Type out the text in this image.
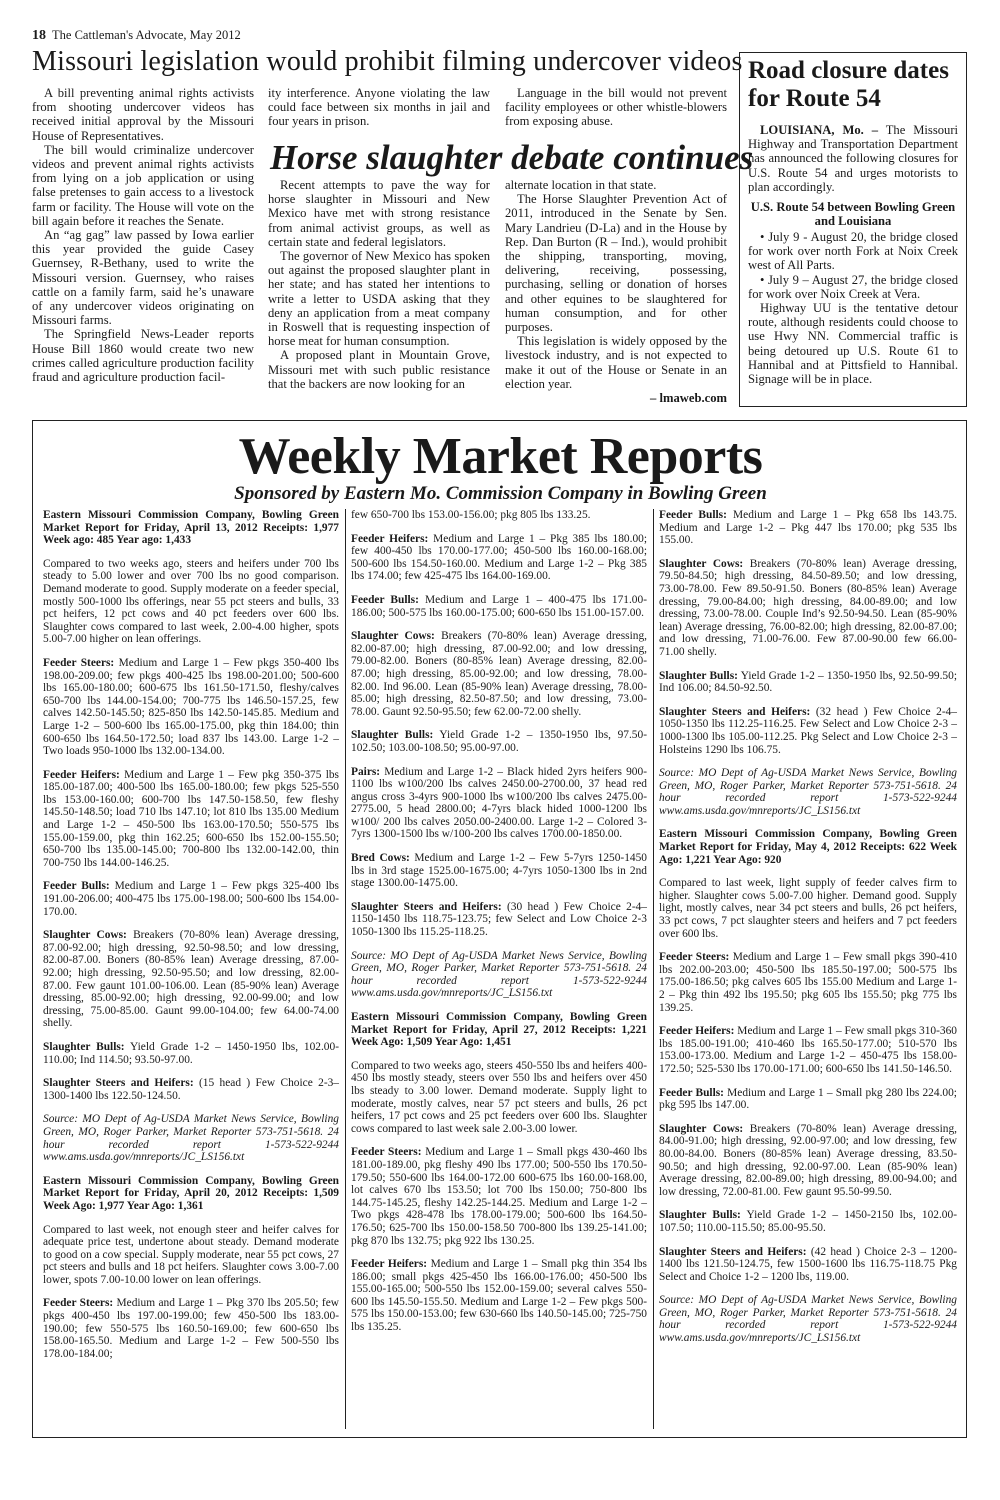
18 The Cattleman's Advocate, May 2012
Missouri legislation would prohibit filming undercover videos

A bill preventing animal rights activists from shooting undercover videos has received initial approval by the Missouri House of Representatives.

The bill would criminalize undercover videos and prevent animal rights activists from lying on a job application or using false pretenses to gain access to a livestock farm or facility. The House will vote on the bill again before it reaches the Senate.

An “ag gag” law passed by Iowa earlier this year provided the guide Casey Guernsey, R-Bethany, used to write the Missouri version. Guernsey, who raises cattle on a family farm, said he’s unaware of any undercover videos originating on Missouri farms.

The Springfield News-Leader reports House Bill 1860 would create two new crimes called agriculture production facility fraud and agriculture production facil-

ity interference. Anyone violating the law could face between six months in jail and four years in prison.

Language in the bill would not prevent facility employees or other whistle-blowers from exposing abuse.

Horse slaughter debate continues

Recent attempts to pave the way for horse slaughter in Missouri and New Mexico have met with strong resistance from animal activist groups, as well as certain state and federal legislators.

The governor of New Mexico has spoken out against the proposed slaughter plant in her state; and has stated her intentions to write a letter to USDA asking that they deny an application from a meat company in Roswell that is requesting inspection of horse meat for human consumption.

A proposed plant in Mountain Grove, Missouri met with such public resistance that the backers are now looking for an

alternate location in that state.

The Horse Slaughter Prevention Act of 2011, introduced in the Senate by Sen. Mary Landrieu (D-La) and in the House by Rep. Dan Burton (R – Ind.), would prohibit the shipping, transporting, moving, delivering, receiving, possessing, purchasing, selling or donation of horses and other equines to be slaughtered for human consumption, and for other purposes.

This legislation is widely opposed by the livestock industry, and is not expected to make it out of the House or Senate in an election year.

– lmaweb.com

Road closure dates for Route 54

LOUISIANA, Mo. – The Missouri Highway and Transportation Department has announced the following closures for U.S. Route 54 and urges motorists to plan accordingly.

U.S. Route 54 between Bowling Green and Louisiana

• July 9 - August 20, the bridge closed for work over north Fork at Noix Creek west of All Parts.

• July 9 – August 27, the bridge closed for work over Noix Creek at Vera.

Highway UU is the tentative detour route, although residents could choose to use Hwy NN. Commercial traffic is being detoured up U.S. Route 61 to Hannibal and at Pittsfield to Hannibal. Signage will be in place.

Weekly Market Reports
Sponsored by Eastern Mo. Commission Company in Bowling Green

Eastern Missouri Commission Company, Bowling Green Market Report for Friday, April 13, 2012 Receipts: 1,977 Week ago: 485 Year ago: 1,433

Compared to two weeks ago, steers and heifers under 700 lbs steady to 5.00 lower and over 700 lbs no good comparison. Demand moderate to good. Supply moderate on a feeder special, mostly 500-1000 lbs offerings, near 55 pct steers and bulls, 33 pct heifers, 12 pct cows and 40 pct feeders over 600 lbs. Slaughter cows compared to last week, 2.00-4.00 higher, spots 5.00-7.00 higher on lean offerings.

Feeder Steers: Medium and Large 1 – Few pkgs 350-400 lbs 198.00-209.00; few pkgs 400-425 lbs 198.00-201.00; 500-600 lbs 165.00-180.00; 600-675 lbs 161.50-171.50, fleshy/calves 650-700 lbs 144.00-154.00; 700-775 lbs 146.50-157.25, few calves 142.50-145.50; 825-850 lbs 142.50-145.85. Medium and Large 1-2 – 500-600 lbs 165.00-175.00, pkg thin 184.00; thin 600-650 lbs 164.50-172.50; load 837 lbs 143.00. Large 1-2 – Two loads 950-1000 lbs 132.00-134.00.

Feeder Heifers: Medium and Large 1 – Few pkg 350-375 lbs 185.00-187.00; 400-500 lbs 165.00-180.00; few pkgs 525-550 lbs 153.00-160.00; 600-700 lbs 147.50-158.50, few fleshy 145.50-148.50; load 710 lbs 147.10; lot 810 lbs 135.00 Medium and Large 1-2 – 450-500 lbs 163.00-170.50; 550-575 lbs 155.00-159.00, pkg thin 162.25; 600-650 lbs 152.00-155.50; 650-700 lbs 135.00-145.00; 700-800 lbs 132.00-142.00, thin 700-750 lbs 144.00-146.25.

Feeder Bulls: Medium and Large 1 – Few pkgs 325-400 lbs 191.00-206.00; 400-475 lbs 175.00-198.00; 500-600 lbs 154.00-170.00.

Slaughter Cows: Breakers (70-80% lean) Average dressing, 87.00-92.00; high dressing, 92.50-98.50; and low dressing, 82.00-87.00. Boners (80-85% lean) Average dressing, 87.00-92.00; high dressing, 92.50-95.50; and low dressing, 82.00-87.00. Few gaunt 101.00-106.00. Lean (85-90% lean) Average dressing, 85.00-92.00; high dressing, 92.00-99.00; and low dressing, 75.00-85.00. Gaunt 99.00-104.00; few 64.00-74.00 shelly.

Slaughter Bulls: Yield Grade 1-2 – 1450-1950 lbs, 102.00-110.00; Ind 114.50; 93.50-97.00.

Slaughter Steers and Heifers: (15 head ) Few Choice 2-3– 1300-1400 lbs 122.50-124.50.

Source: MO Dept of Ag-USDA Market News Service, Bowling Green, MO, Roger Parker, Market Reporter 573-751-5618. 24 hour recorded report 1-573-522-9244 www.ams.usda.gov/mnreports/JC_LS156.txt

Eastern Missouri Commission Company, Bowling Green Market Report for Friday, April 20, 2012 Receipts: 1,509 Week Ago: 1,977 Year Ago: 1,361

Compared to last week, not enough steer and heifer calves for adequate price test, undertone about steady. Demand moderate to good on a cow special. Supply moderate, near 55 pct cows, 27 pct steers and bulls and 18 pct heifers. Slaughter cows 3.00-7.00 lower, spots 7.00-10.00 lower on lean offerings.

Feeder Steers: Medium and Large 1 – Pkg 370 lbs 205.50; few pkgs 400-450 lbs 197.00-199.00; few 450-500 lbs 183.00-190.00; few 550-575 lbs 160.50-169.00; few 600-650 lbs 158.00-165.50. Medium and Large 1-2 – Few 500-550 lbs 178.00-184.00;

few 650-700 lbs 153.00-156.00; pkg 805 lbs 133.25.

Feeder Heifers: Medium and Large 1 – Pkg 385 lbs 180.00; few 400-450 lbs 170.00-177.00; 450-500 lbs 160.00-168.00; 500-600 lbs 154.50-160.00. Medium and Large 1-2 – Pkg 385 lbs 174.00; few 425-475 lbs 164.00-169.00.

Feeder Bulls: Medium and Large 1 – 400-475 lbs 171.00-186.00; 500-575 lbs 160.00-175.00; 600-650 lbs 151.00-157.00.

Slaughter Cows: Breakers (70-80% lean) Average dressing, 82.00-87.00; high dressing, 87.00-92.00; and low dressing, 79.00-82.00. Boners (80-85% lean) Average dressing, 82.00-87.00; high dressing, 85.00-92.00; and low dressing, 78.00-82.00. Ind 96.00. Lean (85-90% lean) Average dressing, 78.00-85.00; high dressing, 82.50-87.50; and low dressing, 73.00-78.00. Gaunt 92.50-95.50; few 62.00-72.00 shelly.

Slaughter Bulls: Yield Grade 1-2 – 1350-1950 lbs, 97.50-102.50; 103.00-108.50; 95.00-97.00.

Pairs: Medium and Large 1-2 – Black hided 2yrs heifers 900-1100 lbs w100/200 lbs calves 2450.00-2700.00, 37 head red angus cross 3-4yrs 900-1000 lbs w100/200 lbs calves 2475.00-2775.00, 5 head 2800.00; 4-7yrs black hided 1000-1200 lbs w100/ 200 lbs calves 2050.00-2400.00. Large 1-2 – Colored 3-7yrs 1300-1500 lbs w/100-200 lbs calves 1700.00-1850.00.

Bred Cows: Medium and Large 1-2 – Few 5-7yrs 1250-1450 lbs in 3rd stage 1525.00-1675.00; 4-7yrs 1050-1300 lbs in 2nd stage 1300.00-1475.00.

Slaughter Steers and Heifers: (30 head ) Few Choice 2-4– 1150-1450 lbs 118.75-123.75; few Select and Low Choice 2-3 1050-1300 lbs 115.25-118.25.

Source: MO Dept of Ag-USDA Market News Service, Bowling Green, MO, Roger Parker, Market Reporter 573-751-5618. 24 hour recorded report 1-573-522-9244 www.ams.usda.gov/mnreports/JC_LS156.txt

Eastern Missouri Commission Company, Bowling Green Market Report for Friday, April 27, 2012 Receipts: 1,221 Week Ago: 1,509 Year Ago: 1,451

Compared to two weeks ago, steers 450-550 lbs and heifers 400-450 lbs mostly steady, steers over 550 lbs and heifers over 450 lbs steady to 3.00 lower. Demand moderate. Supply light to moderate, mostly calves, near 57 pct steers and bulls, 26 pct heifers, 17 pct cows and 25 pct feeders over 600 lbs. Slaughter cows compared to last week sale 2.00-3.00 lower.

Feeder Steers: Medium and Large 1 – Small pkgs 430-460 lbs 181.00-189.00, pkg fleshy 490 lbs 177.00; 500-550 lbs 170.50-179.50; 550-600 lbs 164.00-172.00 600-675 lbs 160.00-168.00, lot calves 670 lbs 153.50; lot 700 lbs 150.00; 750-800 lbs 144.75-145.25, fleshy 142.25-144.25. Medium and Large 1-2 – Two pkgs 428-478 lbs 178.00-179.00; 500-600 lbs 164.50-176.50; 625-700 lbs 150.00-158.50 700-800 lbs 139.25-141.00; pkg 870 lbs 132.75; pkg 922 lbs 130.25.

Feeder Heifers: Medium and Large 1 – Small pkg thin 354 lbs 186.00; small pkgs 425-450 lbs 166.00-176.00; 450-500 lbs 155.00-165.00; 500-550 lbs 152.00-159.00; several calves 550-600 lbs 145.50-155.50. Medium and Large 1-2 – Few pkgs 500-575 lbs 150.00-153.00; few 630-660 lbs 140.50-145.00; 725-750 lbs 135.25.

Feeder Bulls: Medium and Large 1 – Pkg 658 lbs 143.75. Medium and Large 1-2 – Pkg 447 lbs 170.00; pkg 535 lbs 155.00.

Slaughter Cows: Breakers (70-80% lean) Average dressing, 79.50-84.50; high dressing, 84.50-89.50; and low dressing, 73.00-78.00. Few 89.50-91.50. Boners (80-85% lean) Average dressing, 79.00-84.00; high dressing, 84.00-89.00; and low dressing, 73.00-78.00. Couple Ind’s 92.50-94.50. Lean (85-90% lean) Average dressing, 76.00-82.00; high dressing, 82.00-87.00; and low dressing, 71.00-76.00. Few 87.00-90.00 few 66.00-71.00 shelly.

Slaughter Bulls: Yield Grade 1-2 – 1350-1950 lbs, 92.50-99.50; Ind 106.00; 84.50-92.50.

Slaughter Steers and Heifers: (32 head ) Few Choice 2-4– 1050-1350 lbs 112.25-116.25. Few Select and Low Choice 2-3 – 1000-1300 lbs 105.00-112.25. Pkg Select and Low Choice 2-3 –Holsteins 1290 lbs 106.75.

Source: MO Dept of Ag-USDA Market News Service, Bowling Green, MO, Roger Parker, Market Reporter 573-751-5618. 24 hour recorded report 1-573-522-9244 www.ams.usda.gov/mnreports/JC_LS156.txt

Eastern Missouri Commission Company, Bowling Green Market Report for Friday, May 4, 2012 Receipts: 622 Week Ago: 1,221 Year Ago: 920

Compared to last week, light supply of feeder calves firm to higher. Slaughter cows 5.00-7.00 higher. Demand good. Supply light, mostly calves, near 34 pct steers and bulls, 26 pct heifers, 33 pct cows, 7 pct slaughter steers and heifers and 7 pct feeders over 600 lbs.

Feeder Steers: Medium and Large 1 – Few small pkgs 390-410 lbs 202.00-203.00; 450-500 lbs 185.50-197.00; 500-575 lbs 175.00-186.50; pkg calves 605 lbs 155.00 Medium and Large 1-2 – Pkg thin 492 lbs 195.50; pkg 605 lbs 155.50; pkg 775 lbs 139.25.

Feeder Heifers: Medium and Large 1 – Few small pkgs 310-360 lbs 185.00-191.00; 410-460 lbs 165.50-177.00; 510-570 lbs 153.00-173.00. Medium and Large 1-2 – 450-475 lbs 158.00-172.50; 525-530 lbs 170.00-171.00; 600-650 lbs 141.50-146.50.

Feeder Bulls: Medium and Large 1 – Small pkg 280 lbs 224.00; pkg 595 lbs 147.00.

Slaughter Cows: Breakers (70-80% lean) Average dressing, 84.00-91.00; high dressing, 92.00-97.00; and low dressing, few 80.00-84.00. Boners (80-85% lean) Average dressing, 83.50-90.50; and high dressing, 92.00-97.00. Lean (85-90% lean) Average dressing, 82.00-89.00; high dressing, 89.00-94.00; and low dressing, 72.00-81.00. Few gaunt 95.50-99.50.

Slaughter Bulls: Yield Grade 1-2 – 1450-2150 lbs, 102.00-107.50; 110.00-115.50; 85.00-95.50.

Slaughter Steers and Heifers: (42 head ) Choice 2-3 – 1200-1400 lbs 121.50-124.75, few 1500-1600 lbs 116.75-118.75 Pkg Select and Choice 1-2 – 1200 lbs, 119.00.

Source: MO Dept of Ag-USDA Market News Service, Bowling Green, MO, Roger Parker, Market Reporter 573-751-5618. 24 hour recorded report 1-573-522-9244 www.ams.usda.gov/mnreports/JC_LS156.txt
